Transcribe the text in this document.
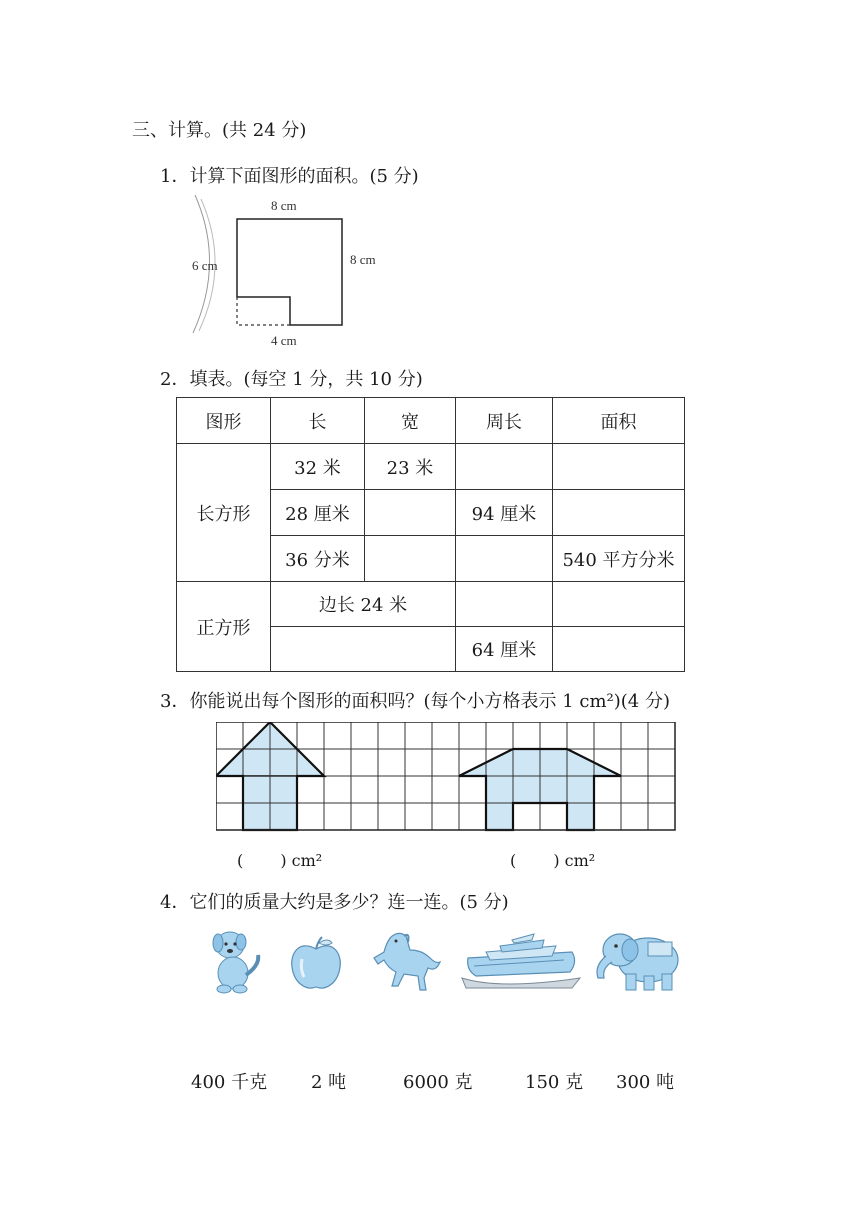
三、计算。(共 24 分)
1．计算下面图形的面积。(5 分)
8 cm
8 cm
6 cm
4 cm
2．填表。(每空 1 分，共 10 分)
图形	长	宽	周长	面积
长方形	32 米	23 米		
	28 厘米		94 厘米	
	36 分米			540 平方分米
正方形	边长 24 米			
			64 厘米	
3．你能说出每个图形的面积吗？(每个小方格表示 1 cm²)(4 分)
(　　 ) cm²	(　　 ) cm²
4．它们的质量大约是多少？连一连。(5 分)
400 千克 2 吨	6000 克	150 克 300 吨
